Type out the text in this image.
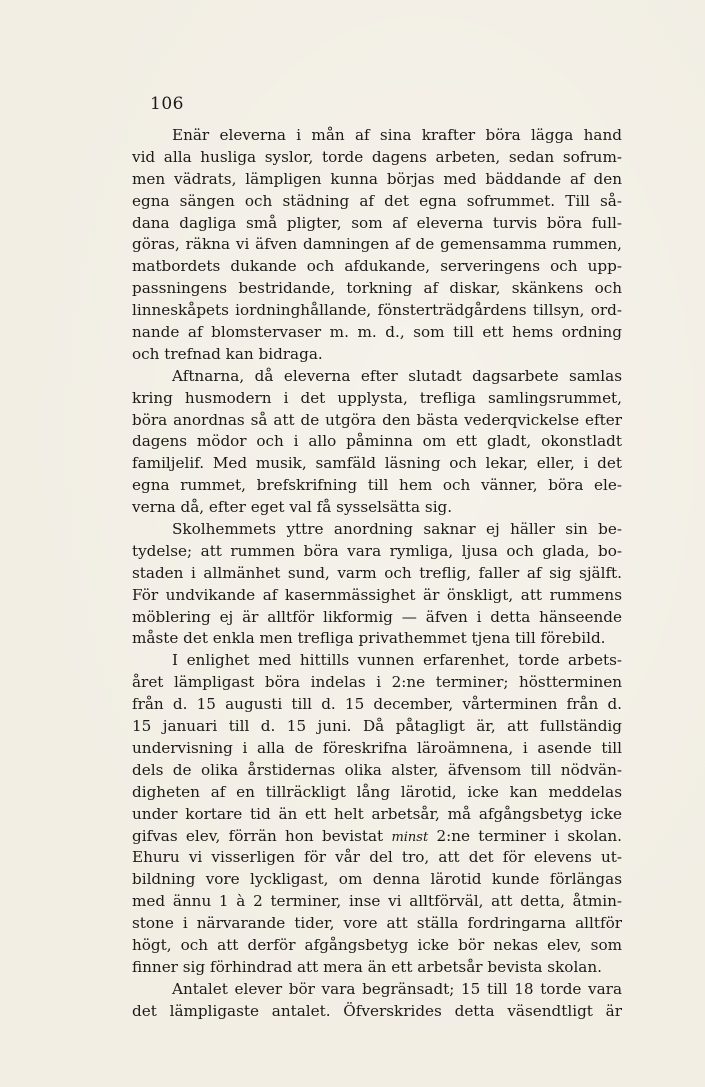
106
Enär eleverna i mån af sina krafter böra lägga hand
vid alla husliga syslor, torde dagens arbeten, sedan sofrum-
men vädrats, lämpligen kunna börjas med bäddande af den
egna sängen och städning af det egna sofrummet. Till så-
dana dagliga små pligter, som af eleverna turvis böra full-
göras, räkna vi äfven damningen af de gemensamma rummen,
matbordets dukande och afdukande, serveringens och upp-
passningens bestridande, torkning af diskar, skänkens och
linneskåpets iordninghållande, fönsterträdgårdens tillsyn, ord-
nande af blomstervaser m. m. d., som till ett hems ordning
och trefnad kan bidraga.
Aftnarna, då eleverna efter slutadt dagsarbete samlas
kring husmodern i det upplysta, trefliga samlingsrummet,
böra anordnas så att de utgöra den bästa vederqvickelse efter
dagens mödor och i allo påminna om ett gladt, okonstladt
familjelif. Med musik, samfäld läsning och lekar, eller, i det
egna rummet, brefskrifning till hem och vänner, böra ele-
verna då, efter eget val få sysselsätta sig.
Skolhemmets yttre anordning saknar ej häller sin be-
tydelse; att rummen böra vara rymliga, ljusa och glada, bo-
staden i allmänhet sund, varm och treflig, faller af sig själft.
För undvikande af kasernmässighet är önskligt, att rummens
möblering ej är alltför likformig — äfven i detta hänseende
måste det enkla men trefliga privathemmet tjena till förebild.
I enlighet med hittills vunnen erfarenhet, torde arbets-
året lämpligast böra indelas i 2:ne terminer; höstterminen
från d. 15 augusti till d. 15 december, vårterminen från d.
15 januari till d. 15 juni. Då påtagligt är, att fullständig
undervisning i alla de föreskrifna läroämnena, i asende till
dels de olika årstidernas olika alster, äfvensom till nödvän-
digheten af en tillräckligt lång lärotid, icke kan meddelas
under kortare tid än ett helt arbetsår, må afgångsbetyg icke
gifvas elev, förrän hon bevistat minst 2:ne terminer i skolan.
Ehuru vi visserligen för vår del tro, att det för elevens ut-
bildning vore lyckligast, om denna lärotid kunde förlängas
med ännu 1 à 2 terminer, inse vi alltförväl, att detta, åtmin-
stone i närvarande tider, vore att ställa fordringarna alltför
högt, och att derför afgångsbetyg icke bör nekas elev, som
finner sig förhindrad att mera än ett arbetsår bevista skolan.
Antalet elever bör vara begränsadt; 15 till 18 torde vara
det lämpligaste antalet. Öfverskrides detta väsendtligt är
